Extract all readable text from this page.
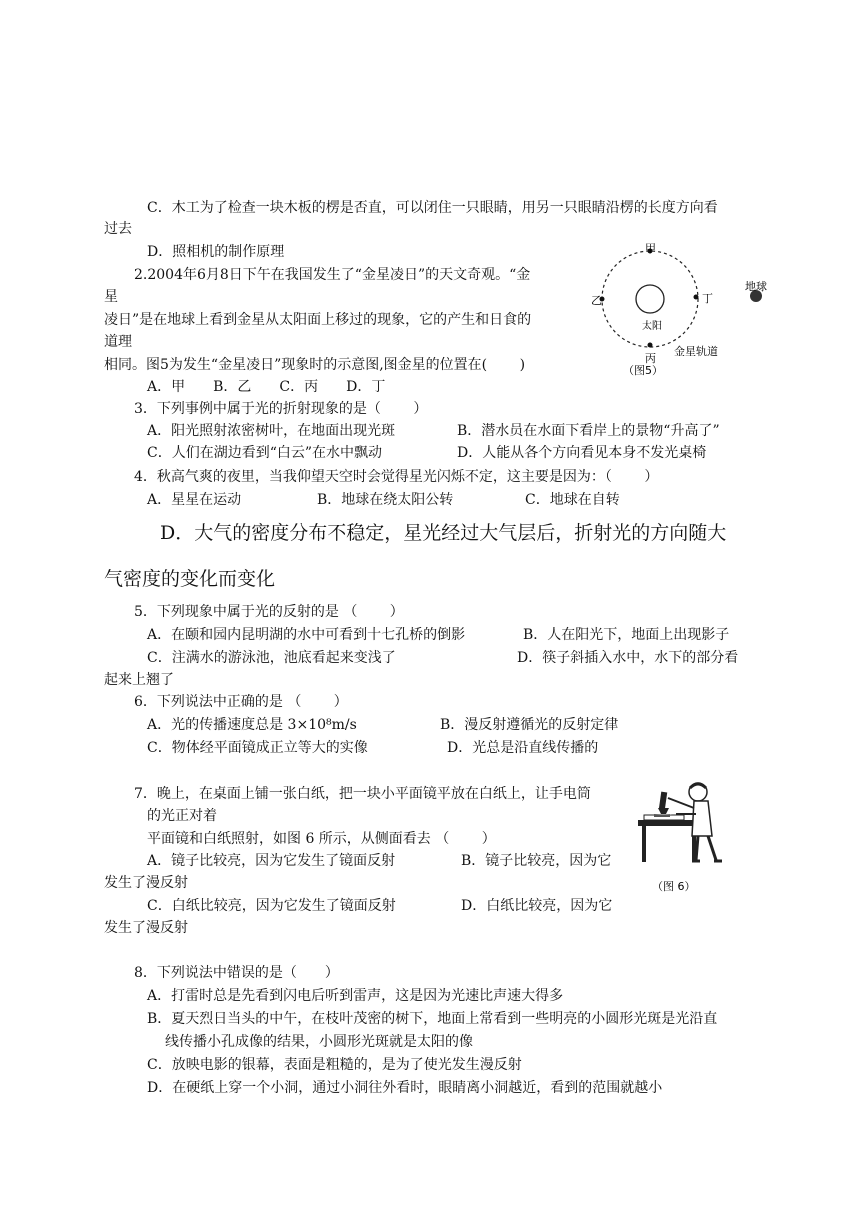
C．木工为了检查一块木板的楞是否直，可以闭住一只眼睛，用另一只眼睛沿楞的长度方向看
过去
D．照相机的制作原理
2.2004年6月8日下午在我国发生了“金星凌日”的天文奇观。“金
星
凌日”是在地球上看到金星从太阳面上移过的现象，它的产生和日食的
道理
相同。图5为发生“金星凌日”现象时的示意图,图金星的位置在(　　 )
A．甲　　B．乙　　C．丙　　D．丁
甲
乙	丁
丙
太阳
地球
金星轨道
（图5）
3．下列事例中属于光的折射现象的是（　　 ）
A．阳光照射浓密树叶，在地面出现光斑	B．潜水员在水面下看岸上的景物“升高了”
C．人们在湖边看到“白云”在水中飘动	D．人能从各个方向看见本身不发光桌椅
4．秋高气爽的夜里，当我仰望天空时会觉得星光闪烁不定，这主要是因为：（　　 ）
A．星星在运动	B．地球在绕太阳公转	C．地球在自转
D．大气的密度分布不稳定，星光经过大气层后，折射光的方向随大
气密度的变化而变化
5．下列现象中属于光的反射的是 （　　 ）
A．在颐和园内昆明湖的水中可看到十七孔桥的倒影	B．人在阳光下，地面上出现影子
C．注满水的游泳池，池底看起来变浅了	D．筷子斜插入水中，水下的部分看
起来上翘了
6．下列说法中正确的是 （　　 ）
A．光的传播速度总是 3×10⁸m/s	B．漫反射遵循光的反射定律
C．物体经平面镜成正立等大的实像	D．光总是沿直线传播的
7．晚上，在桌面上铺一张白纸，把一块小平面镜平放在白纸上，让手电筒
的光正对着
平面镜和白纸照射，如图 6 所示，从侧面看去 （　　 ）
A．镜子比较亮，因为它发生了镜面反射	B．镜子比较亮，因为它
发生了漫反射
C．白纸比较亮，因为它发生了镜面反射	D．白纸比较亮，因为它
发生了漫反射
（图 6）
8．下列说法中错误的是（　　）
A．打雷时总是先看到闪电后听到雷声，这是因为光速比声速大得多
B．夏天烈日当头的中午，在枝叶茂密的树下，地面上常看到一些明亮的小圆形光斑是光沿直
线传播小孔成像的结果，小圆形光斑就是太阳的像
C．放映电影的银幕，表面是粗糙的，是为了使光发生漫反射
D．在硬纸上穿一个小洞，通过小洞往外看时，眼睛离小洞越近，看到的范围就越小
